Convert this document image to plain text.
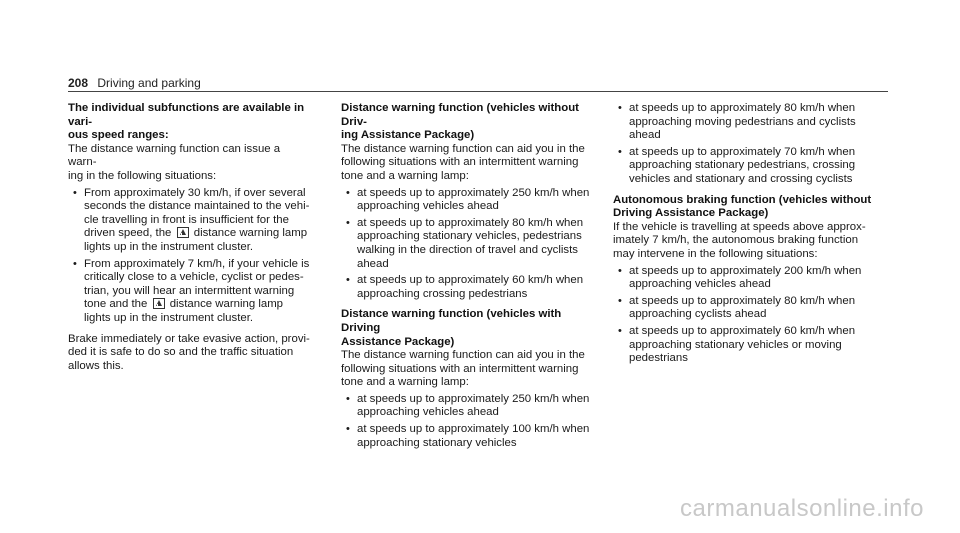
208 Driving and parking
The individual subfunctions are available in vari-
ous speed ranges:

The distance warning function can issue a warn-
ing in the following situations:

• From approximately 30 km/h, if over several seconds the distance maintained to the vehi-cle travelling in front is insufficient for the driven speed, the distance warning lamp lights up in the instrument cluster.
• From approximately 7 km/h, if your vehicle is critically close to a vehicle, cyclist or pedes-trian, you will hear an intermittent warning tone and the distance warning lamp lights up in the instrument cluster.

Brake immediately or take evasive action, provi-
ded it is safe to do so and the traffic situation allows this.

Distance warning function (vehicles without Driv-
ing Assistance Package)

The distance warning function can aid you in the following situations with an intermittent warning tone and a warning lamp:

• at speeds up to approximately 250 km/h when approaching vehicles ahead
• at speeds up to approximately 80 km/h when approaching stationary vehicles, pedestrians walking in the direction of travel and cyclists ahead
• at speeds up to approximately 60 km/h when approaching crossing pedestrians
Distance warning function (vehicles with Driving
Assistance Package)

The distance warning function can aid you in the following situations with an intermittent warning tone and a warning lamp:

• at speeds up to approximately 250 km/h when approaching vehicles ahead
• at speeds up to approximately 100 km/h when approaching stationary vehicles
• at speeds up to approximately 80 km/h when approaching moving pedestrians and cyclists ahead
• at speeds up to approximately 70 km/h when approaching stationary pedestrians, crossing vehicles and stationary and crossing cyclists
Autonomous braking function (vehicles without
Driving Assistance Package)

If the vehicle is travelling at speeds above approx-
imately 7 km/h, the autonomous braking function may intervene in the following situations:

• at speeds up to approximately 200 km/h when approaching vehicles ahead
• at speeds up to approximately 80 km/h when approaching cyclists ahead
• at speeds up to approximately 60 km/h when approaching stationary vehicles or moving pedestrians
carmanualsonline.info
